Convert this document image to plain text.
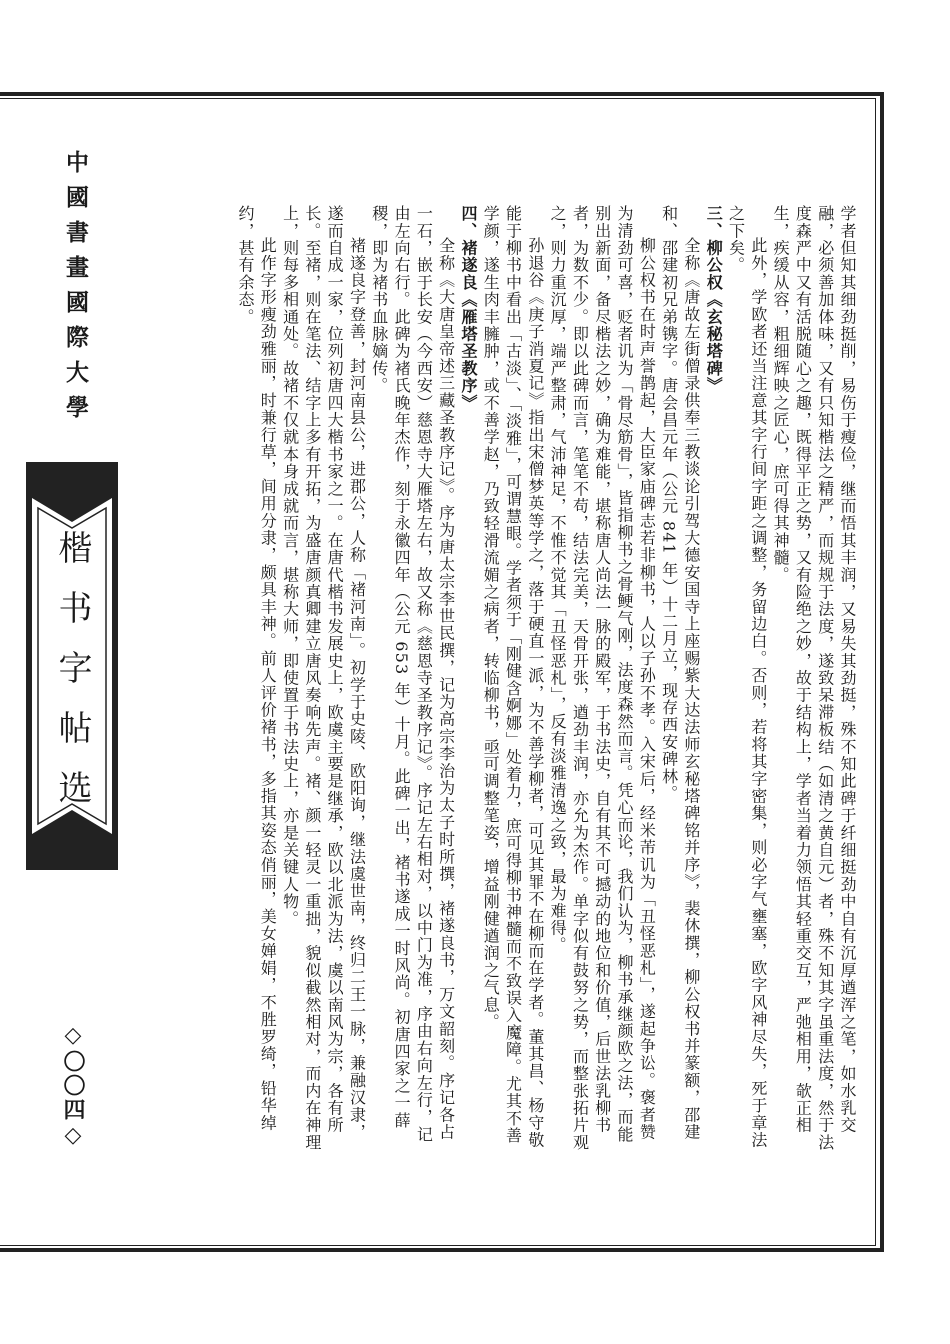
中國書畫國際大學
楷书字帖选
◇〇〇四◇	学者但知其细劲挺削，易伤于瘦俭，继而悟其丰润，又易失其劲挺，殊不知此碑于纤细挺劲中自有沉厚遒浑之笔，如水乳交融，必须善加体味，又有只知楷法之精严，而规规于法度，遂致呆滞板结（如清之黄自元）者，殊不知其字虽重法度，然于法度森严中又有活脱随心之趣，既得平正之势，又有险绝之妙，故于结构上，学者当着力领悟其轻重交互，严弛相用，欹正相生，疾缓从容，粗细辉映之匠心，庶可得其神髓。

此外，学欧者还当注意其字行间字距之调整，务留边白。否则，若将其字密集，则必字气壅塞，欧字风神尽失，死于章法之下矣。

三、柳公权《玄秘塔碑》

全称《唐故左街僧录供奉三教谈论引驾大德安国寺上座赐紫大达法师玄秘塔碑铭并序》，裴休撰，柳公权书并篆额，邵建和、邵建初兄弟镌字。唐会昌元年（公元 841 年）十二月立，现存西安碑林。

柳公权书在时声誉鹊起，大臣家庙碑志若非柳书，人以子孙不孝。入宋后，经米芾讥为「丑怪恶札」，遂起争讼。褒者赞为清劲可喜，贬者讥为「骨尽筋骨」，皆指柳书之骨鲠气刚，法度森然而言。凭心而论，我们认为，柳书承继颜欧之法，而能别出新面，备尽楷法之妙，确为难能，堪称唐人尚法一脉的殿军，于书法史，自有其不可撼动的地位和价值，后世法乳柳书者，为数不少。即以此碑而言，笔笔不苟，结法完美，天骨开张，遒劲丰润，亦允为杰作。单字似有鼓努之势，而整张拓片观之，则力重沉厚，端严整肃，气沛神足，不惟不觉其「丑怪恶札」，反有淡雅清逸之致，最为难得。

孙退谷《庚子消夏记》指出宋僧梦英等学之，落于硬直一派，为不善学柳者，可见其罪不在柳而在学者。董其昌、杨守敬能于柳书中看出「古淡」、「淡雅」，可谓慧眼。学者须于「刚健含婀娜」处着力，庶可得柳书神髓而不致误入魔障。尤其不善学颜，遂生肉丰臃肿，或不善学赵，乃致轻滑流媚之病者，转临柳书，亟可调整笔姿，增益刚健遒润之气息。

四、褚遂良《雁塔圣教序》

全称《大唐皇帝述三藏圣教序记》。序为唐太宗李世民撰，记为高宗李治为太子时所撰，褚遂良书，万文韶刻。序记各占一石，嵌于长安（今西安）慈恩寺大雁塔左右，故又称《慈恩寺圣教序记》。序记左右相对，以中门为准，序由右向左行，记由左向右行。此碑为褚氏晚年杰作，刻于永徽四年（公元 653 年）十月。此碑一出，褚书遂成一时风尚。初唐四家之一薛稷，即为褚书血脉嫡传。

褚遂良字登善，封河南县公，进郡公，人称「褚河南」。初学于史陵、欧阳询，继法虞世南，终归二王一脉，兼融汉隶，遂而自成一家，位列初唐四大楷书家之一。在唐代楷书发展史上，欧虞主要是继承，欧以北派为法，虞以南风为宗，各有所长。至褚，则在笔法、结字上多有开拓，为盛唐颜真卿建立唐风奏响先声。褚、颜一轻灵一重拙，貌似截然相对，而内在神理上，则每多相通处。故褚不仅就本身成就而言，堪称大师，即使置于书法史上，亦是关键人物。

此作字形瘦劲雅丽，时兼行草，间用分隶，颇具丰神。前人评价褚书，多指其姿态俏丽，美女婵娟，不胜罗绮，铅华绰约，甚有余态。
